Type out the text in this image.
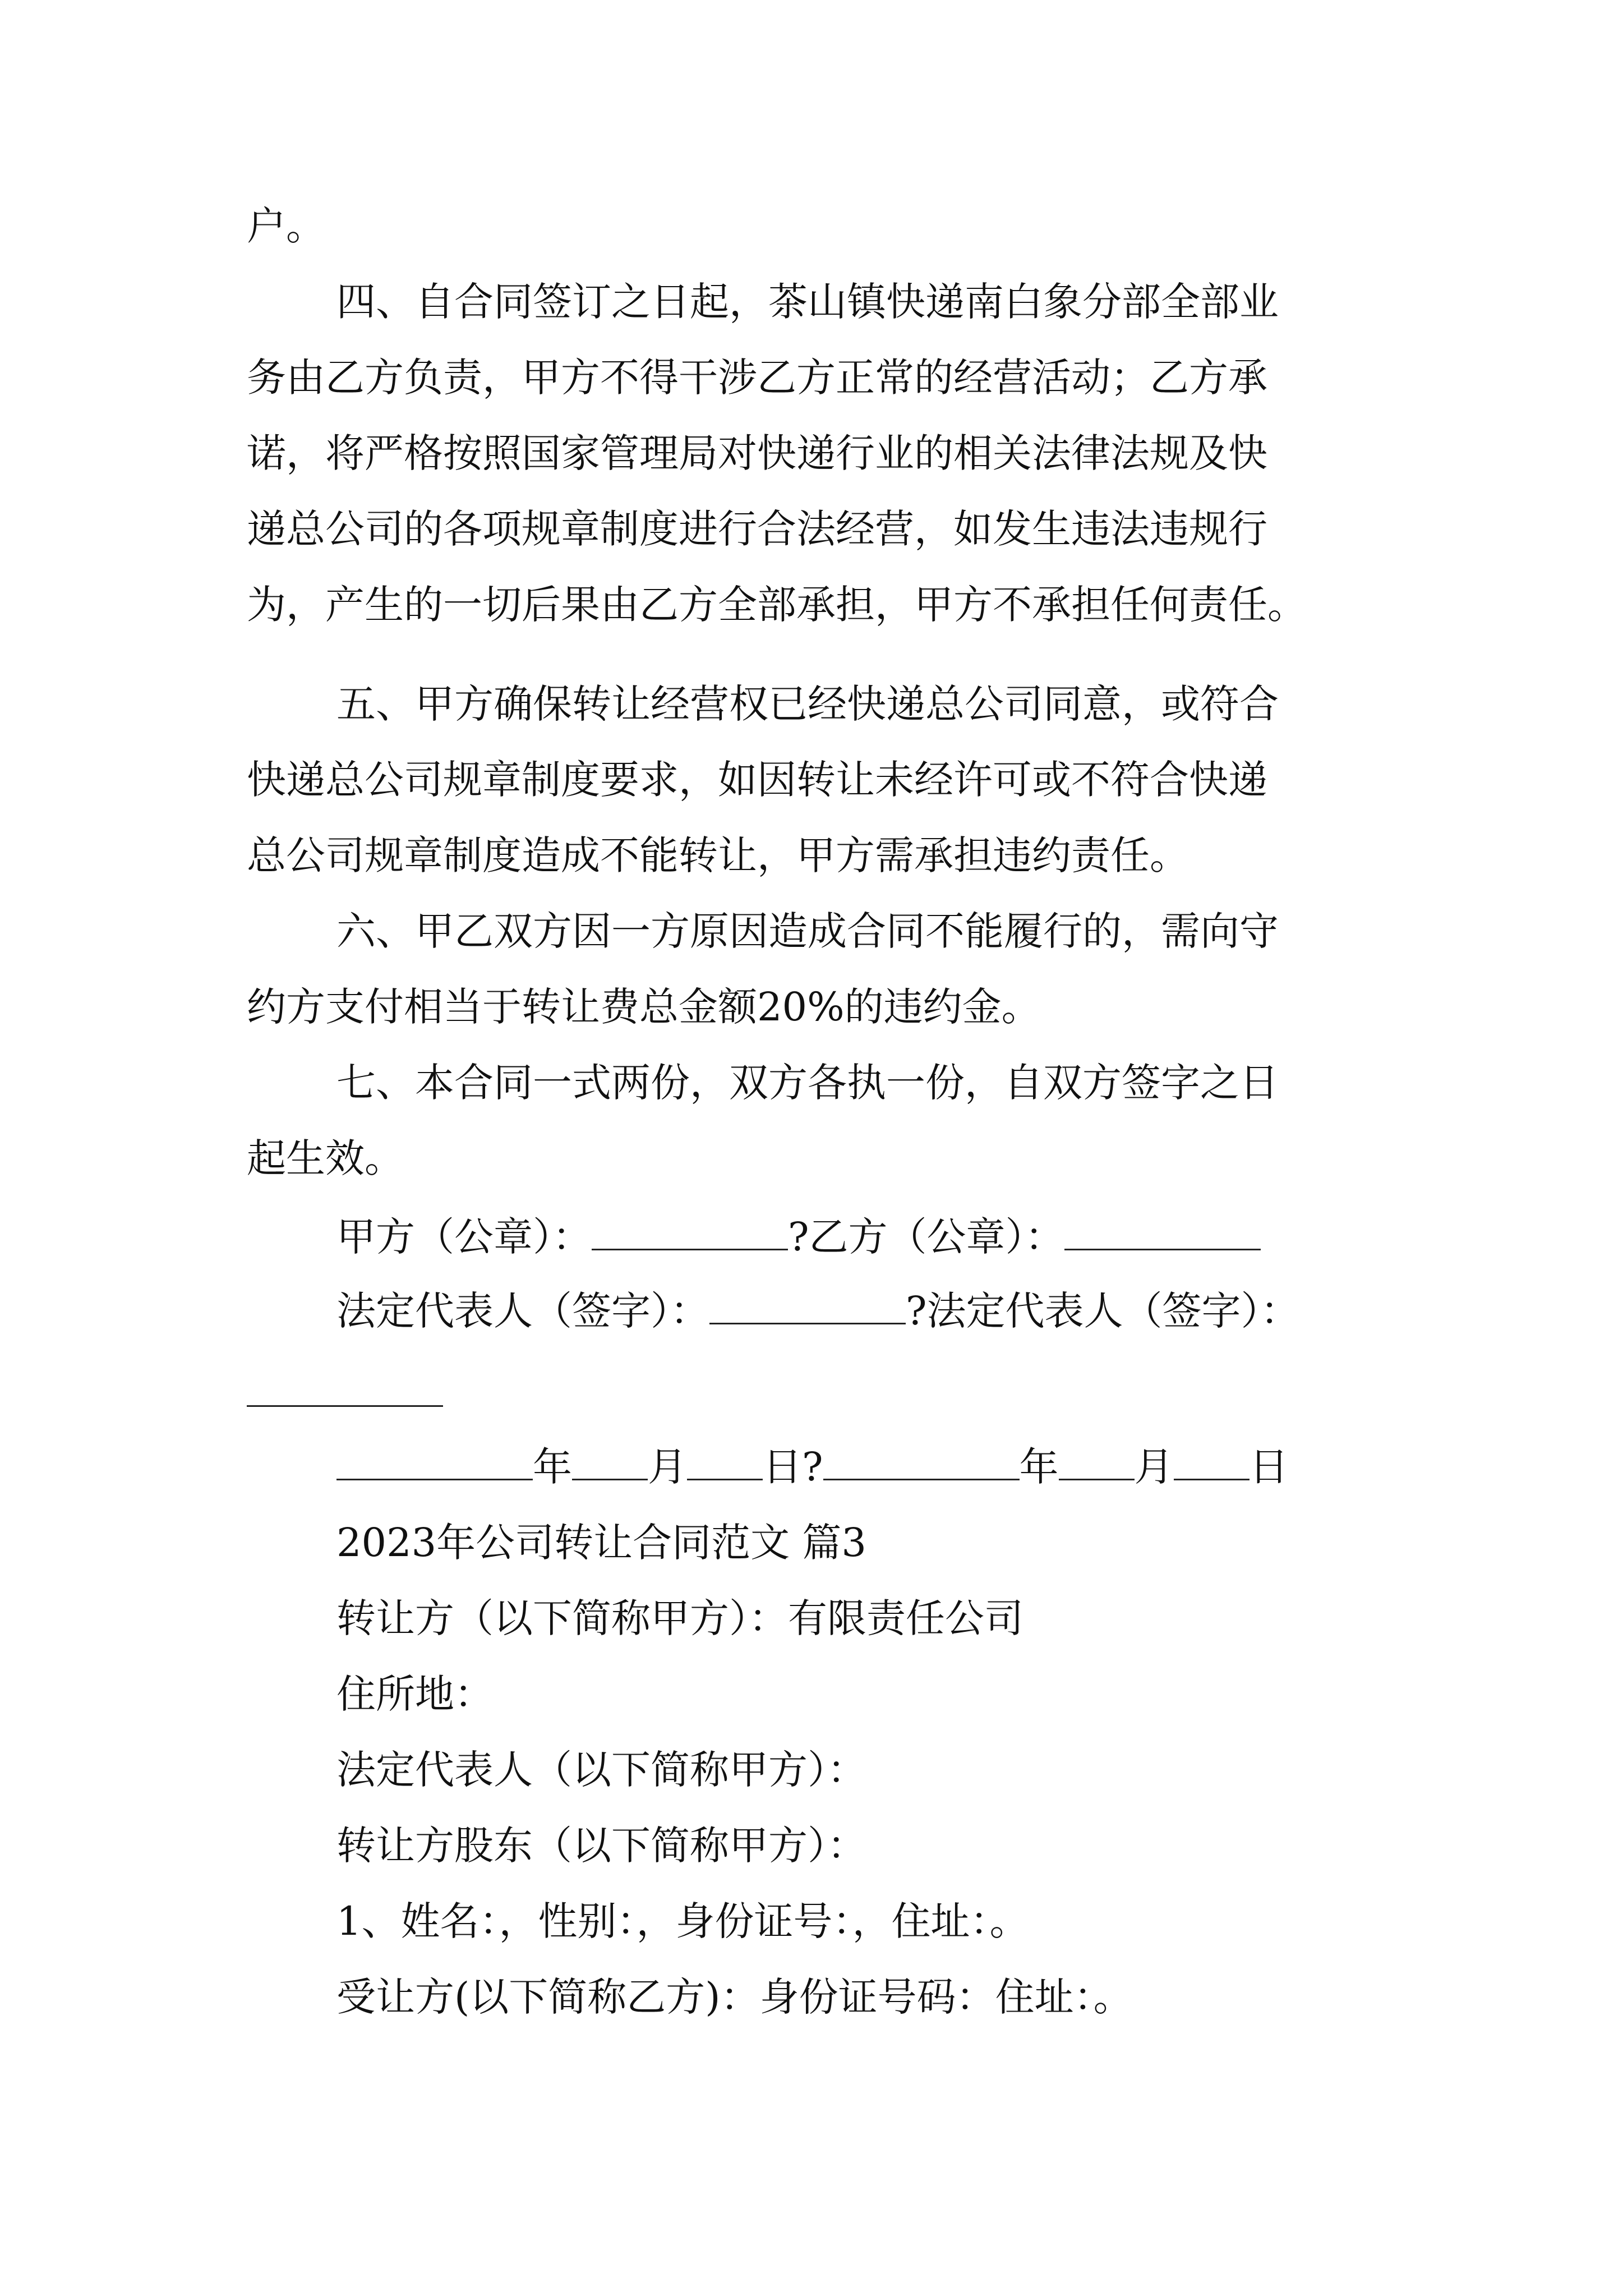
户。

四、自合同签订之日起，茶山镇快递南白象分部全部业

务由乙方负责，甲方不得干涉乙方正常的经营活动；乙方承

诺，将严格按照国家管理局对快递行业的相关法律法规及快

递总公司的各项规章制度进行合法经营，如发生违法违规行

为，产生的一切后果由乙方全部承担，甲方不承担任何责任。

五、甲方确保转让经营权已经快递总公司同意，或符合

快递总公司规章制度要求，如因转让未经许可或不符合快递

总公司规章制度造成不能转让，甲方需承担违约责任。

六、甲乙双方因一方原因造成合同不能履行的，需向守

约方支付相当于转让费总金额20%的违约金。

七、本合同一式两份，双方各执一份，自双方签字之日

起生效。

甲方（公章）：	?乙方（公章）：

法定代表人（签字）：	?法定代表人（签字）：

年 月 日?	年 月 日

2023年公司转让合同范文 篇3

转让方（以下简称甲方）：有限责任公司

住所地：

法定代表人（以下简称甲方）：

转让方股东（以下简称甲方）：

1、姓名：，性别：，身份证号：，住址：。

受让方(以下简称乙方)：身份证号码：住址：。
